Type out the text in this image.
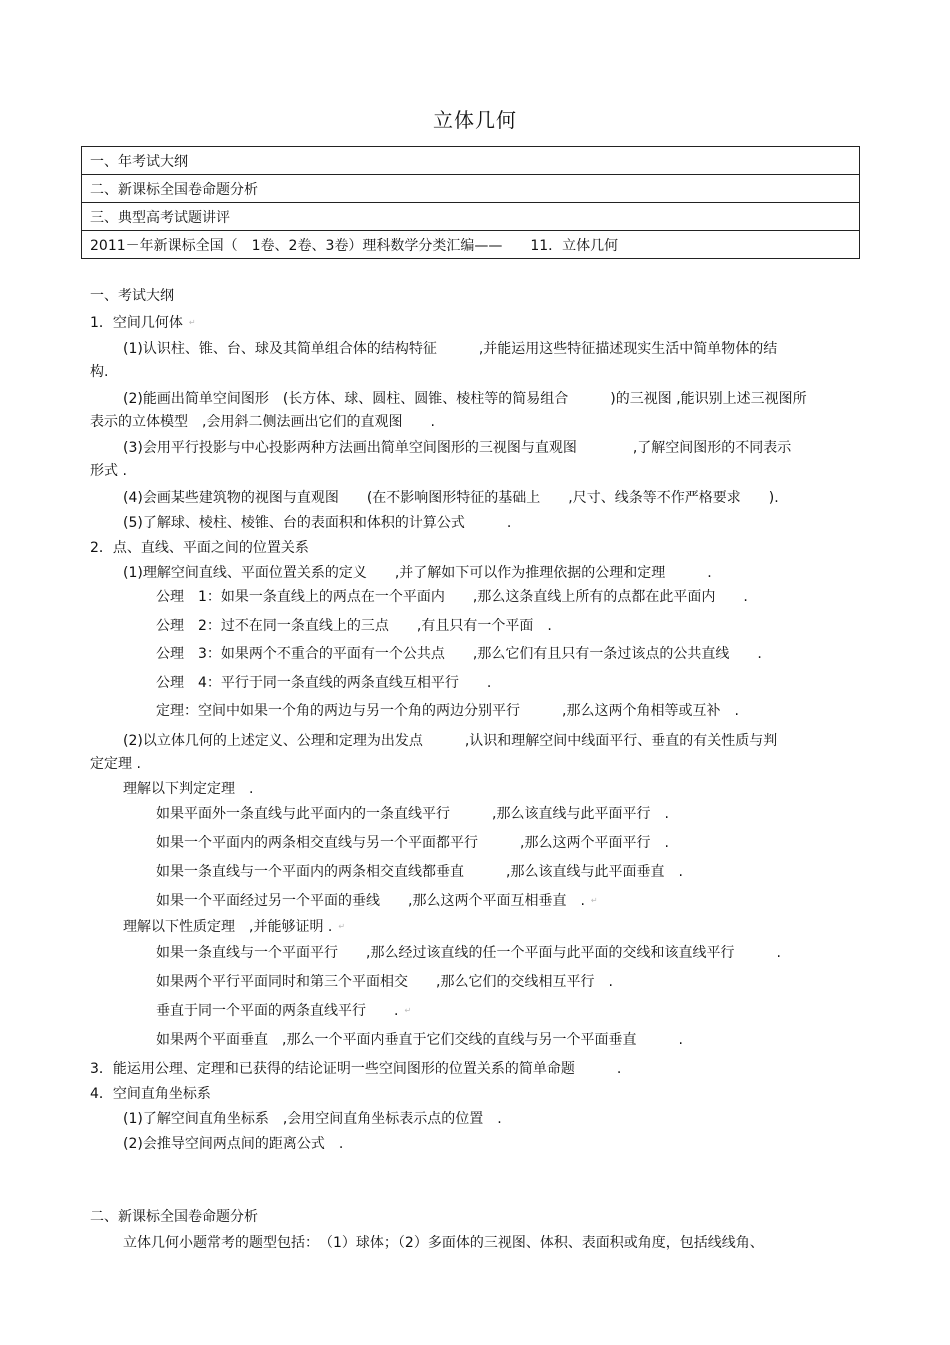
立体几何
一、年考试大纲
二、新课标全国卷命题分析
三、典型高考试题讲评
2011－年新课标全国（　1卷、2卷、3卷）理科数学分类汇编——　　11．立体几何
一、考试大纲
1．空间几何体 ↵
(1)认识柱、锥、台、球及其简单组合体的结构特征　　　,并能运用这些特征描述现实生活中简单物体的结
构.
(2)能画出简单空间图形　(长方体、球、圆柱、圆锥、棱柱等的简易组合　　　)的三视图 ,能识别上述三视图所
表示的立体模型　,会用斜二侧法画出它们的直观图　　.
(3)会用平行投影与中心投影两种方法画出简单空间图形的三视图与直观图　　　　,了解空间图形的不同表示
形式 .
(4)会画某些建筑物的视图与直观图　　(在不影响图形特征的基础上　　,尺寸、线条等不作严格要求　　).
(5)了解球、棱柱、棱锥、台的表面积和体积的计算公式　　　.
2．点、直线、平面之间的位置关系
(1)理解空间直线、平面位置关系的定义　　,并了解如下可以作为推理依据的公理和定理　　　.
公理　1：如果一条直线上的两点在一个平面内　　,那么这条直线上所有的点都在此平面内　　.
公理　2：过不在同一条直线上的三点　　,有且只有一个平面　.
公理　3：如果两个不重合的平面有一个公共点　　,那么它们有且只有一条过该点的公共直线　　.
公理　4：平行于同一条直线的两条直线互相平行　　.
定理：空间中如果一个角的两边与另一个角的两边分别平行　　　,那么这两个角相等或互补　.
(2)以立体几何的上述定义、公理和定理为出发点　　　,认识和理解空间中线面平行、垂直的有关性质与判
定定理 .
理解以下判定定理　.
如果平面外一条直线与此平面内的一条直线平行　　　,那么该直线与此平面平行　.
如果一个平面内的两条相交直线与另一个平面都平行　　　,那么这两个平面平行　.
如果一条直线与一个平面内的两条相交直线都垂直　　　,那么该直线与此平面垂直　.
如果一个平面经过另一个平面的垂线　　,那么这两个平面互相垂直　. ↵
理解以下性质定理　,并能够证明 . ↵
如果一条直线与一个平面平行　　,那么经过该直线的任一个平面与此平面的交线和该直线平行　　　.
如果两个平行平面同时和第三个平面相交　　,那么它们的交线相互平行　.
垂直于同一个平面的两条直线平行　　. ↵
如果两个平面垂直　,那么一个平面内垂直于它们交线的直线与另一个平面垂直　　　.
3．能运用公理、定理和已获得的结论证明一些空间图形的位置关系的简单命题　　　.
4．空间直角坐标系
(1)了解空间直角坐标系　,会用空间直角坐标表示点的位置　.
(2)会推导空间两点间的距离公式　.
二、新课标全国卷命题分析
立体几何小题常考的题型包括：　（1）球体；（2）多面体的三视图、体积、表面积或角度，包括线线角、
